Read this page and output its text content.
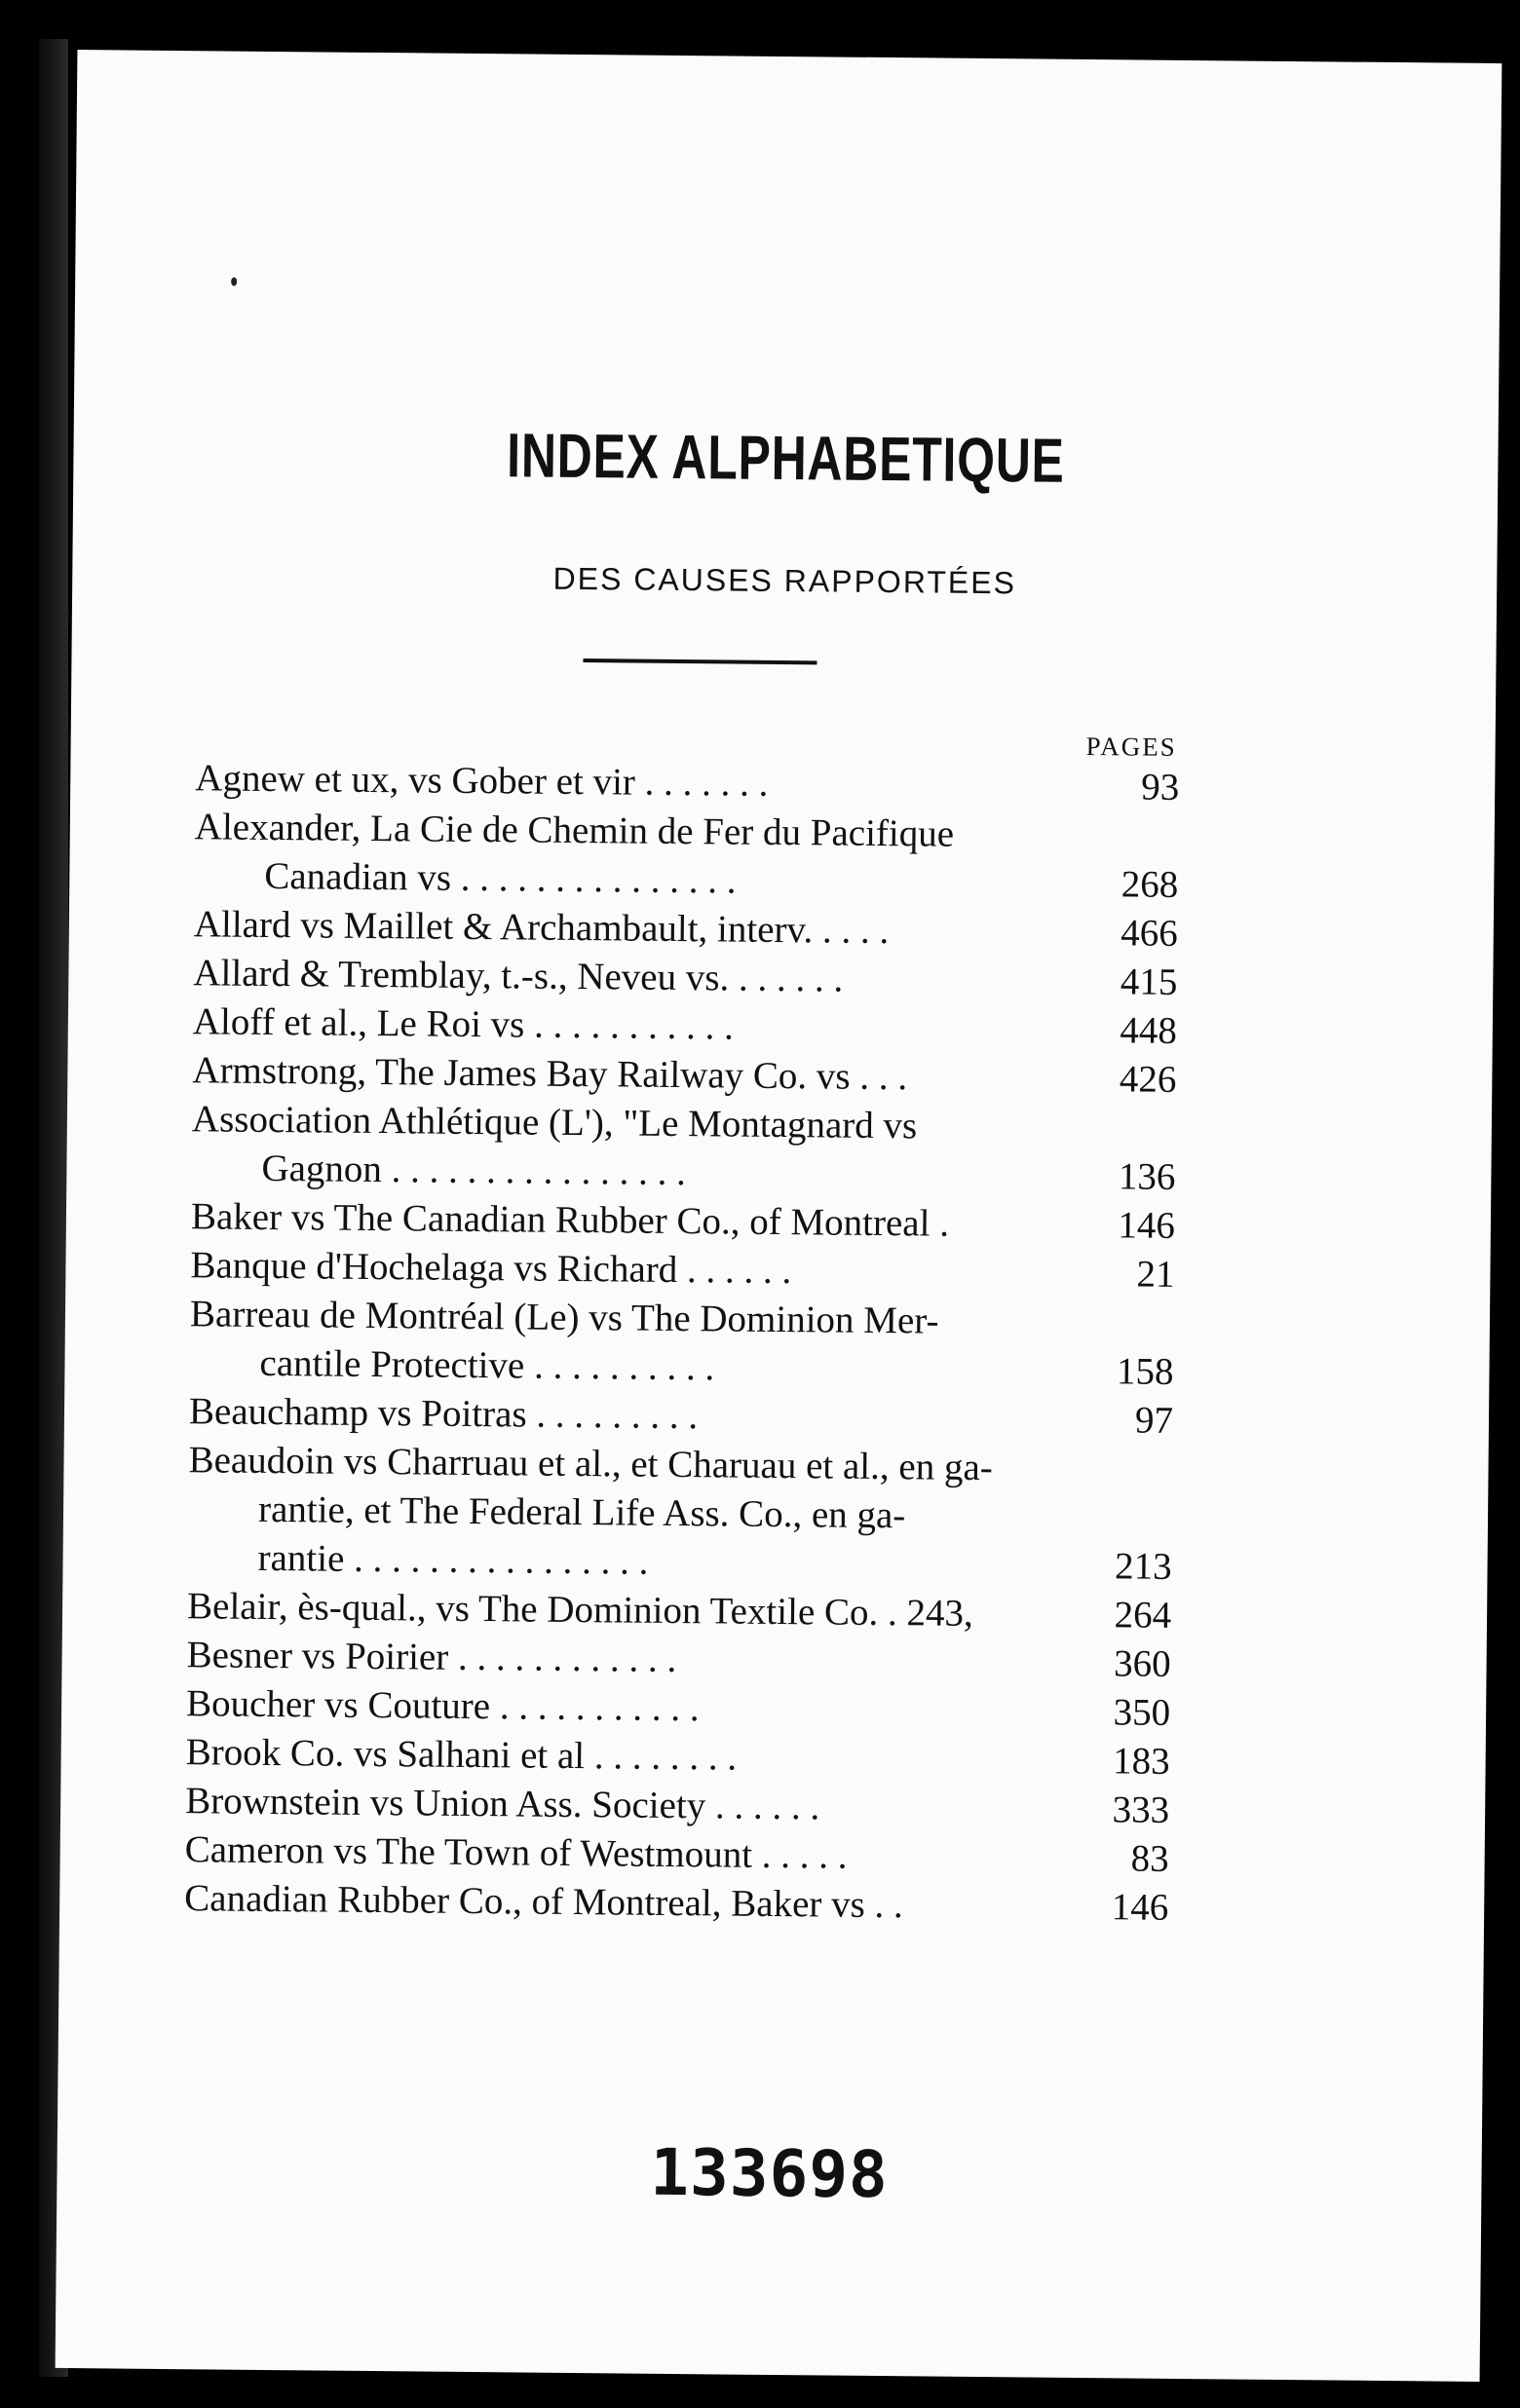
INDEX ALPHABETIQUE
DES CAUSES RAPPORTÉES
PAGES
Agnew et ux, vs Gober et vir . . . . . . .	93
Alexander, La Cie de Chemin de Fer du Pacifique
Canadian vs . . . . . . . . . . . . . . .	268
Allard vs Maillet & Archambault, interv. . . . .	466
Allard & Tremblay, t.-s., Neveu vs. . . . . . .	415
Aloff et al., Le Roi vs . . . . . . . . . . .	448
Armstrong, The James Bay Railway Co. vs . . .	426
Association Athlétique (L'), "Le Montagnard vs
Gagnon . . . . . . . . . . . . . . . .	136
Baker vs The Canadian Rubber Co., of Montreal .	146
Banque d'Hochelaga vs Richard . . . . . .	21
Barreau de Montréal (Le) vs The Dominion Mer-
cantile Protective . . . . . . . . . .	158
Beauchamp vs Poitras . . . . . . . . .	97
Beaudoin vs Charruau et al., et Charuau et al., en ga-
rantie, et The Federal Life Ass. Co., en ga-
rantie . . . . . . . . . . . . . . . .	213
Belair, ès-qual., vs The Dominion Textile Co. . 243,	264
Besner vs Poirier . . . . . . . . . . . .	360
Boucher vs Couture . . . . . . . . . . .	350
Brook Co. vs Salhani et al . . . . . . . .	183
Brownstein vs Union Ass. Society . . . . . .	333
Cameron vs The Town of Westmount . . . . .	83
Canadian Rubber Co., of Montreal, Baker vs . .	146
133698
